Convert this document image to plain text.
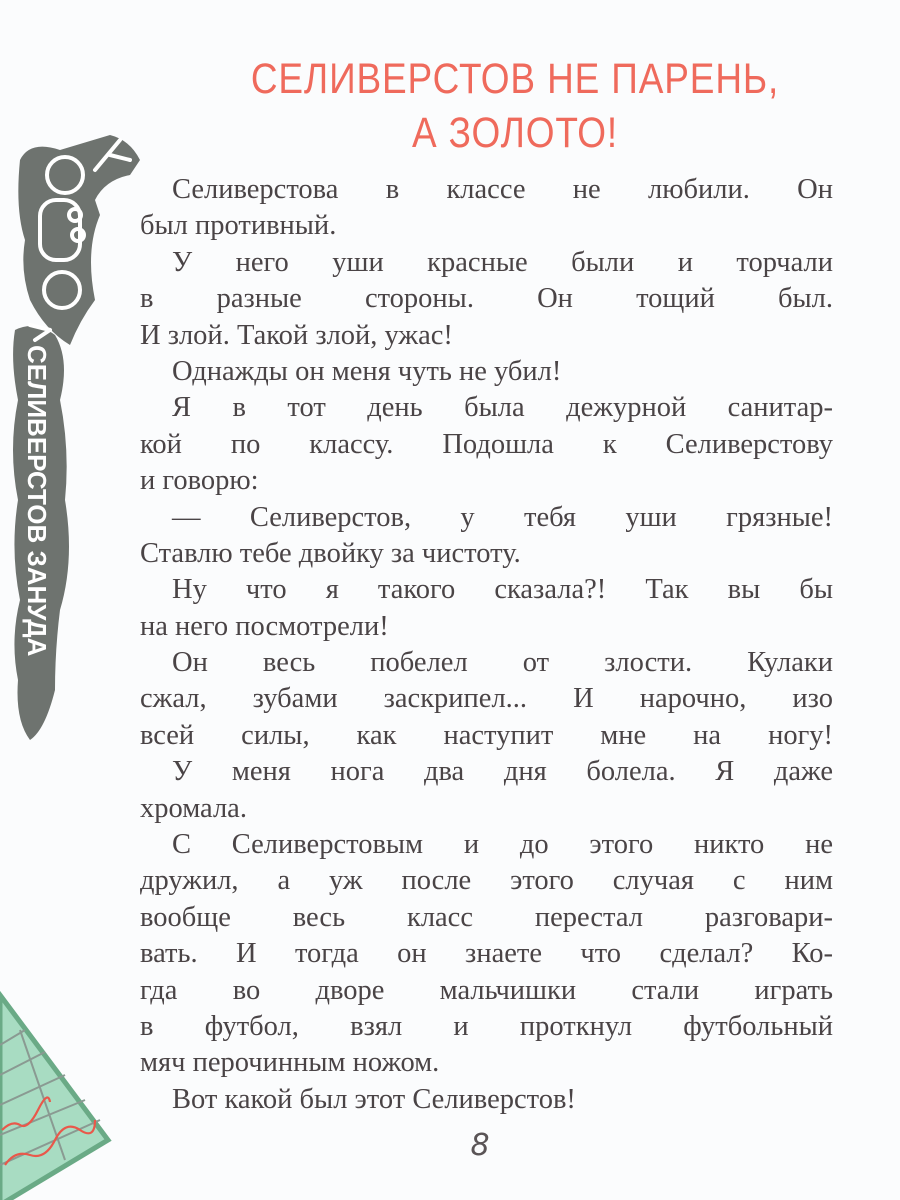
СЕЛИВЕРСТОВ ЗАНУДА
СЕЛИВЕРСТОВ НЕ ПАРЕНЬ,
А ЗОЛОТО!
Селиверстова в классе не любили. Он
был противный.
У него уши красные были и торчали
в разные стороны. Он тощий был.
И злой. Такой злой, ужас!
Однажды он меня чуть не убил!
Я в тот день была дежурной санитар-
кой по классу. Подошла к Селиверстову
и говорю:
— Селиверстов, у тебя уши грязные!
Ставлю тебе двойку за чистоту.
Ну что я такого сказала?! Так вы бы
на него посмотрели!
Он весь побелел от злости. Кулаки
сжал, зубами заскрипел... И нарочно, изо
всей силы, как наступит мне на ногу!
У меня нога два дня болела. Я даже
хромала.
С Селиверстовым и до этого никто не
дружил, а уж после этого случая с ним
вообще весь класс перестал разговари-
вать. И тогда он знаете что сделал? Ко-
гда во дворе мальчишки стали играть
в футбол, взял и проткнул футбольный
мяч перочинным ножом.
Вот какой был этот Селиверстов!
8
